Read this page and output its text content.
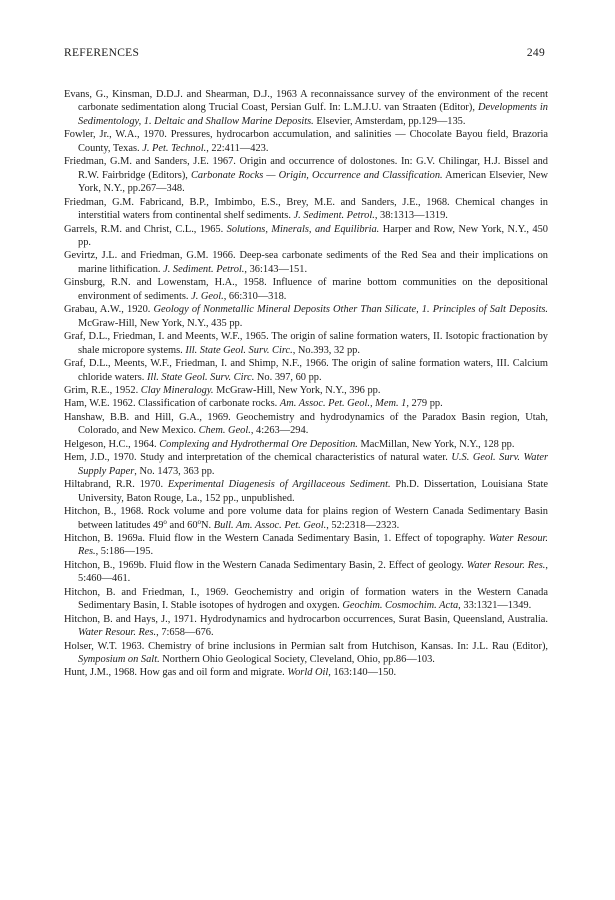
REFERENCES	249

Evans, G., Kinsman, D.D.J. and Shearman, D.J., 1963 A reconnaissance survey of the environment of the recent carbonate sedimentation along Trucial Coast, Persian Gulf. In: L.M.J.U. van Straaten (Editor), Developments in Sedimentology, 1. Deltaic and Shallow Marine Deposits. Elsevier, Amsterdam, pp.129—135.

Fowler, Jr., W.A., 1970. Pressures, hydrocarbon accumulation, and salinities — Chocolate Bayou field, Brazoria County, Texas. J. Pet. Technol., 22:411—423.

Friedman, G.M. and Sanders, J.E. 1967. Origin and occurrence of dolostones. In: G.V. Chilingar, H.J. Bissel and R.W. Fairbridge (Editors), Carbonate Rocks — Origin, Occurrence and Classification. American Elsevier, New York, N.Y., pp.267—348.

Friedman, G.M. Fabricand, B.P., Imbimbo, E.S., Brey, M.E. and Sanders, J.E., 1968. Chemical changes in interstitial waters from continental shelf sediments. J. Sediment. Petrol., 38:1313—1319.

Garrels, R.M. and Christ, C.L., 1965. Solutions, Minerals, and Equilibria. Harper and Row, New York, N.Y., 450 pp.

Gevirtz, J.L. and Friedman, G.M. 1966. Deep-sea carbonate sediments of the Red Sea and their implications on marine lithification. J. Sediment. Petrol., 36:143—151.

Ginsburg, R.N. and Lowenstam, H.A., 1958. Influence of marine bottom communities on the depositional environment of sediments. J. Geol., 66:310—318.

Grabau, A.W., 1920. Geology of Nonmetallic Mineral Deposits Other Than Silicate, 1. Principles of Salt Deposits. McGraw-Hill, New York, N.Y., 435 pp.

Graf, D.L., Friedman, I. and Meents, W.F., 1965. The origin of saline formation waters, II. Isotopic fractionation by shale micropore systems. Ill. State Geol. Surv. Circ., No.393, 32 pp.

Graf, D.L., Meents, W.F., Friedman, I. and Shimp, N.F., 1966. The origin of saline formation waters, III. Calcium chloride waters. Ill. State Geol. Surv. Circ. No. 397, 60 pp.

Grim, R.E., 1952. Clay Mineralogy. McGraw-Hill, New York, N.Y., 396 pp.

Ham, W.E. 1962. Classification of carbonate rocks. Am. Assoc. Pet. Geol., Mem. 1, 279 pp.

Hanshaw, B.B. and Hill, G.A., 1969. Geochemistry and hydrodynamics of the Paradox Basin region, Utah, Colorado, and New Mexico. Chem. Geol., 4:263—294.

Helgeson, H.C., 1964. Complexing and Hydrothermal Ore Deposition. MacMillan, New York, N.Y., 128 pp.

Hem, J.D., 1970. Study and interpretation of the chemical characteristics of natural water. U.S. Geol. Surv. Water Supply Paper, No. 1473, 363 pp.

Hiltabrand, R.R. 1970. Experimental Diagenesis of Argillaceous Sediment. Ph.D. Dissertation, Louisiana State University, Baton Rouge, La., 152 pp., unpublished.

Hitchon, B., 1968. Rock volume and pore volume data for plains region of Western Canada Sedimentary Basin between latitudes 49$^o$ and 60$^o$N. Bull. Am. Assoc. Pet. Geol., 52:2318—2323.

Hitchon, B. 1969a. Fluid flow in the Western Canada Sedimentary Basin, 1. Effect of topography. Water Resour. Res., 5:186—195.

Hitchon, B., 1969b. Fluid flow in the Western Canada Sedimentary Basin, 2. Effect of geology. Water Resour. Res., 5:460—461.

Hitchon, B. and Friedman, I., 1969. Geochemistry and origin of formation waters in the Western Canada Sedimentary Basin, I. Stable isotopes of hydrogen and oxygen. Geochim. Cosmochim. Acta, 33:1321—1349.

Hitchon, B. and Hays, J., 1971. Hydrodynamics and hydrocarbon occurrences, Surat Basin, Queensland, Australia. Water Resour. Res., 7:658—676.

Holser, W.T. 1963. Chemistry of brine inclusions in Permian salt from Hutchison, Kansas. In: J.L. Rau (Editor), Symposium on Salt. Northern Ohio Geological Society, Cleveland, Ohio, pp.86—103.

Hunt, J.M., 1968. How gas and oil form and migrate. World Oil, 163:140—150.
